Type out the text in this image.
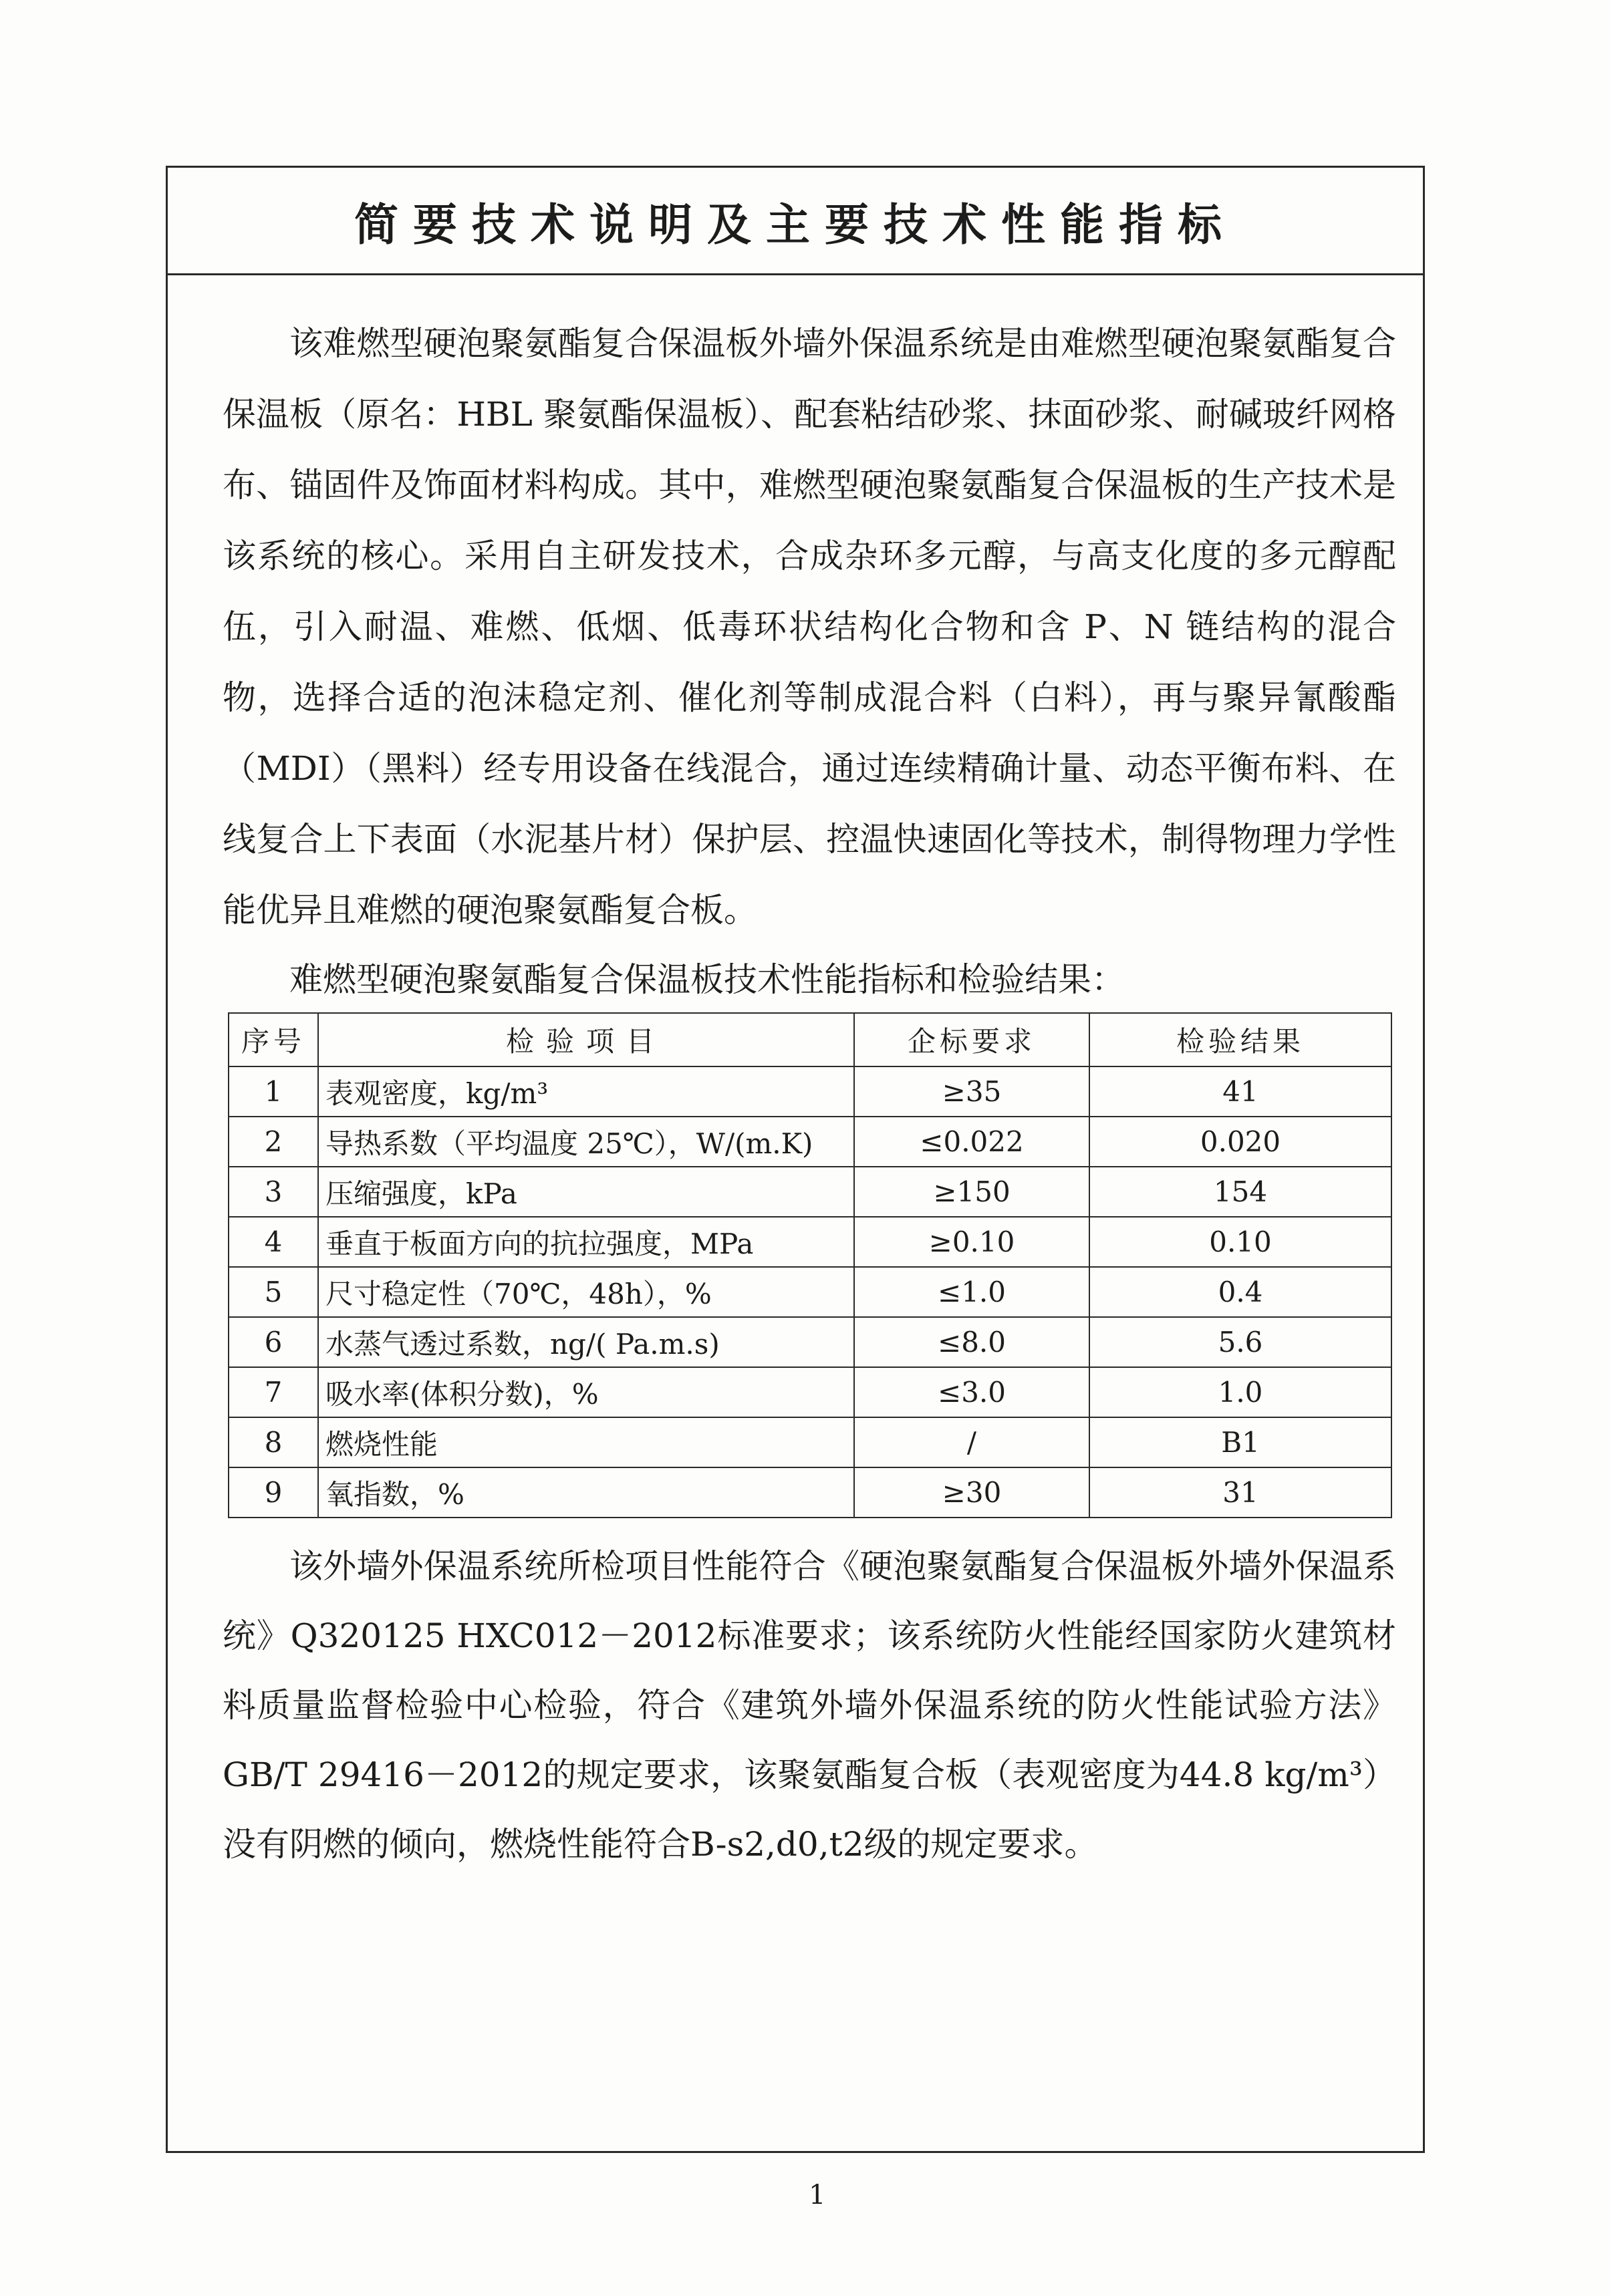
简要技术说明及主要技术性能指标

该难燃型硬泡聚氨酯复合保温板外墙外保温系统是由难燃型硬泡聚氨酯复合保温板（原名：HBL 聚氨酯保温板）、配套粘结砂浆、抹面砂浆、耐碱玻纤网格布、锚固件及饰面材料构成。其中，难燃型硬泡聚氨酯复合保温板的生产技术是该系统的核心。采用自主研发技术，合成杂环多元醇，与高支化度的多元醇配伍，引入耐温、难燃、低烟、低毒环状结构化合物和含 P、N 链结构的混合物，选择合适的泡沫稳定剂、催化剂等制成混合料（白料），再与聚异氰酸酯（MDI）（黑料）经专用设备在线混合，通过连续精确计量、动态平衡布料、在线复合上下表面（水泥基片材）保护层、控温快速固化等技术，制得物理力学性能优异且难燃的硬泡聚氨酯复合板。

难燃型硬泡聚氨酯复合保温板技术性能指标和检验结果：

序号	检验项目	企标要求	检验结果
1	表观密度，kg/m³	≥35	41
2	导热系数（平均温度 25℃），W/(m.K)	≤0.022	0.020
3	压缩强度，kPa	≥150	154
4	垂直于板面方向的抗拉强度，MPa	≥0.10	0.10
5	尺寸稳定性（70℃，48h），%	≤1.0	0.4
6	水蒸气透过系数，ng/( Pa.m.s)	≤8.0	5.6
7	吸水率(体积分数)，%	≤3.0	1.0
8	燃烧性能	/	B1
9	氧指数，%	≥30	31

该外墙外保温系统所检项目性能符合《硬泡聚氨酯复合保温板外墙外保温系统》Q320125 HXC012－2012标准要求；该系统防火性能经国家防火建筑材料质量监督检验中心检验，符合《建筑外墙外保温系统的防火性能试验方法》GB/T 29416－2012的规定要求，该聚氨酯复合板（表观密度为44.8 kg/m³）没有阴燃的倾向，燃烧性能符合B-s2,d0,t2级的规定要求。

1
